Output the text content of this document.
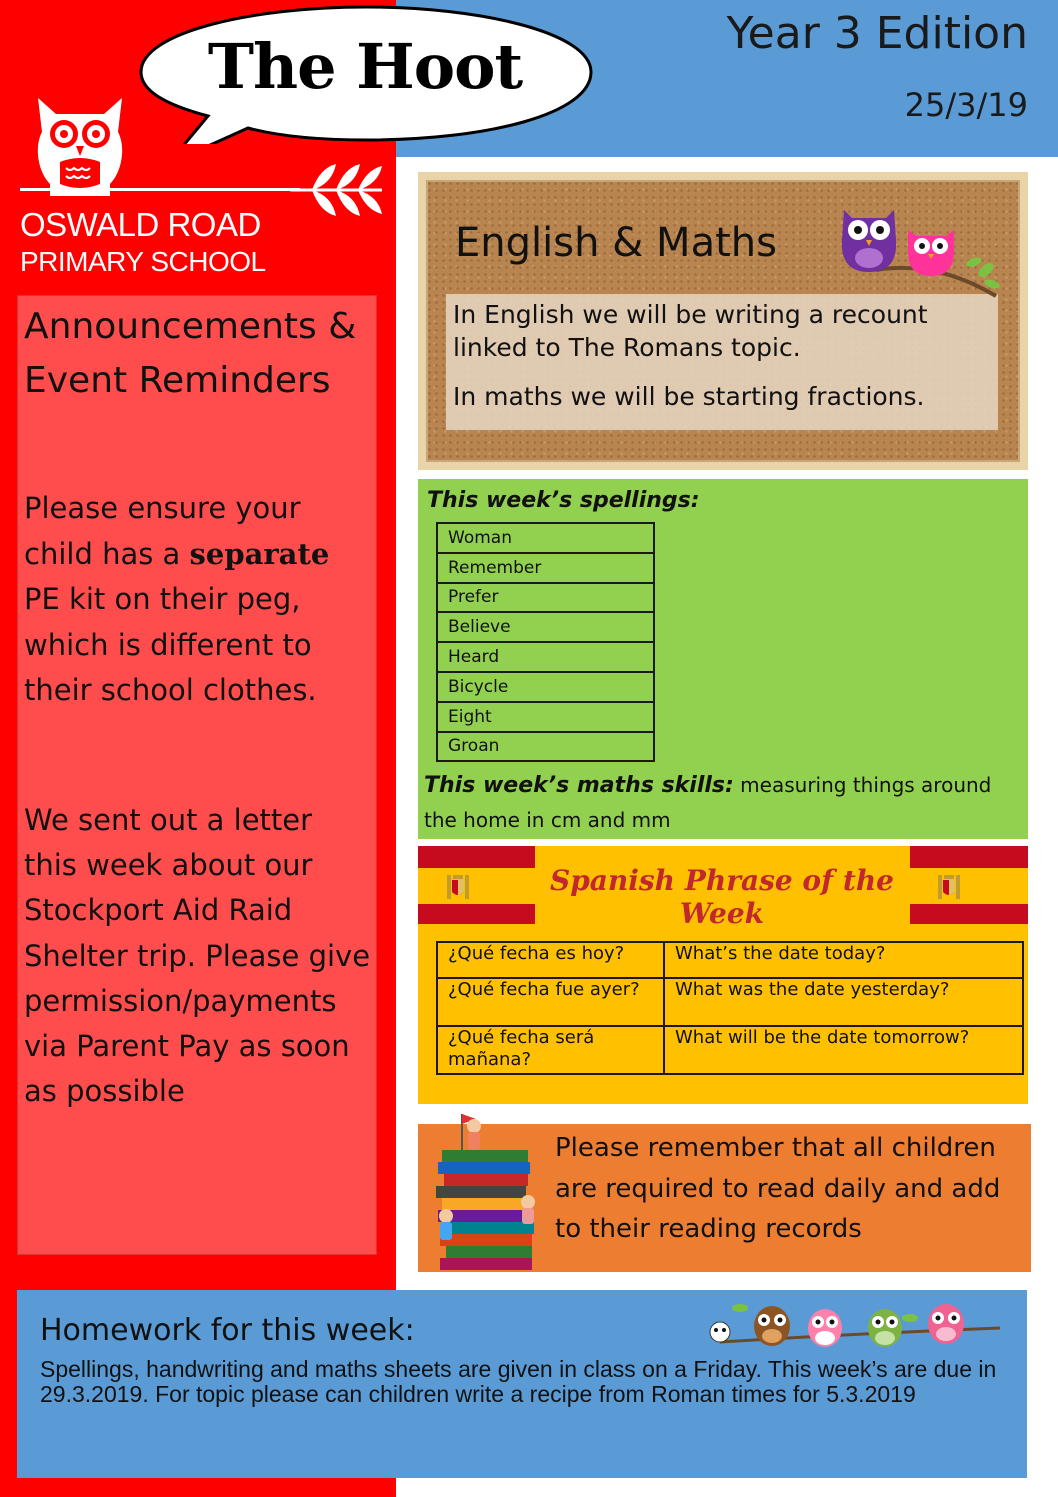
Year 3 Edition
25/3/19
The Hoot
OSWALD ROAD
PRIMARY SCHOOL
Announcements & Event Reminders
Please ensure your child has a separate PE kit on their peg, which is different to their school clothes.
We sent out a letter this week about our Stockport Aid Raid Shelter trip. Please give permission/payments via Parent Pay as soon as possible
English & Maths
In English we will be writing a recount linked to The Romans topic.
In maths we will be starting fractions.
This week’s spellings:
Woman
Remember
Prefer
Believe
Heard
Bicycle
Eight
Groan
This week’s maths skills: measuring things around the home in cm and mm
Spanish Phrase of the Week
¿Qué fecha es hoy?	What’s the date today?
¿Qué fecha fue ayer?	What was the date yesterday?
¿Qué fecha será mañana?	What will be the date tomorrow?
Please remember that all children are required to read daily and add to their reading records
Homework for this week:
Spellings, handwriting and maths sheets are given in class on a Friday. This week’s are due in 29.3.2019. For topic please can children write a recipe from Roman times for 5.3.2019
